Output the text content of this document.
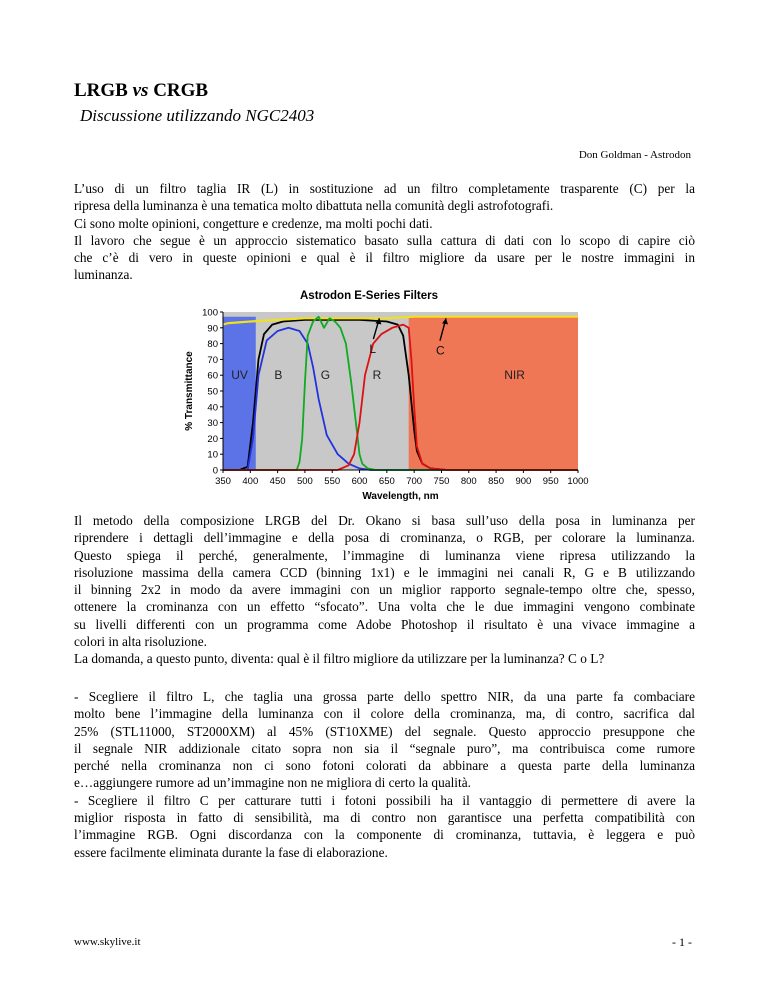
LRGB vs CRGB
Discussione utilizzando NGC2403
Don Goldman - Astrodon
L’uso di un filtro taglia IR (L) in sostituzione ad un filtro completamente trasparente (C) per la
ripresa della luminanza è una tematica molto dibattuta nella comunità degli astrofotografi.
Ci sono molte opinioni, congetture e credenze, ma molti pochi dati.
Il lavoro che segue è un approccio sistematico basato sulla cattura di dati con lo scopo di capire ciò
che c’è di vero in queste opinioni e qual è il filtro migliore da usare per le nostre immagini in
luminanza.
Astrodon E-Series Filters
UV B	G	R	NIR
L	C
0
10
20
30
40
50
60
70
80
90
100
350 400 450 500 550 600 650 700 750 800 850 900 950 1000
Wavelength, nm
% Transmittance
Il metodo della composizione LRGB del Dr. Okano si basa sull’uso della posa in luminanza per
riprendere i dettagli dell’immagine e della posa di crominanza, o RGB, per colorare la luminanza.
Questo spiega il perché, generalmente, l’immagine di luminanza viene ripresa utilizzando la
risoluzione massima della camera CCD (binning 1x1) e le immagini nei canali R, G e B utilizzando
il binning 2x2 in modo da avere immagini con un miglior rapporto segnale-tempo oltre che, spesso,
ottenere la crominanza con un effetto “sfocato”. Una volta che le due immagini vengono combinate
su livelli differenti con un programma come Adobe Photoshop il risultato è una vivace immagine a
colori in alta risoluzione.
La domanda, a questo punto, diventa: qual è il filtro migliore da utilizzare per la luminanza? C o L?
- Scegliere il filtro L, che taglia una grossa parte dello spettro NIR, da una parte fa combaciare
molto bene l’immagine della luminanza con il colore della crominanza, ma, di contro, sacrifica dal
25% (STL11000, ST2000XM) al 45% (ST10XME) del segnale. Questo approccio presuppone che
il segnale NIR addizionale citato sopra non sia il “segnale puro”, ma contribuisca come rumore
perché nella crominanza non ci sono fotoni colorati da abbinare a questa parte della luminanza
e…aggiungere rumore ad un’immagine non ne migliora di certo la qualità.
- Scegliere il filtro C per catturare tutti i fotoni possibili ha il vantaggio di permettere di avere la
miglior risposta in fatto di sensibilità, ma di contro non garantisce una perfetta compatibilità con
l’immagine RGB. Ogni discordanza con la componente di crominanza, tuttavia, è leggera e può
essere facilmente eliminata durante la fase di elaborazione.
www.skylive.it	- 1 -
